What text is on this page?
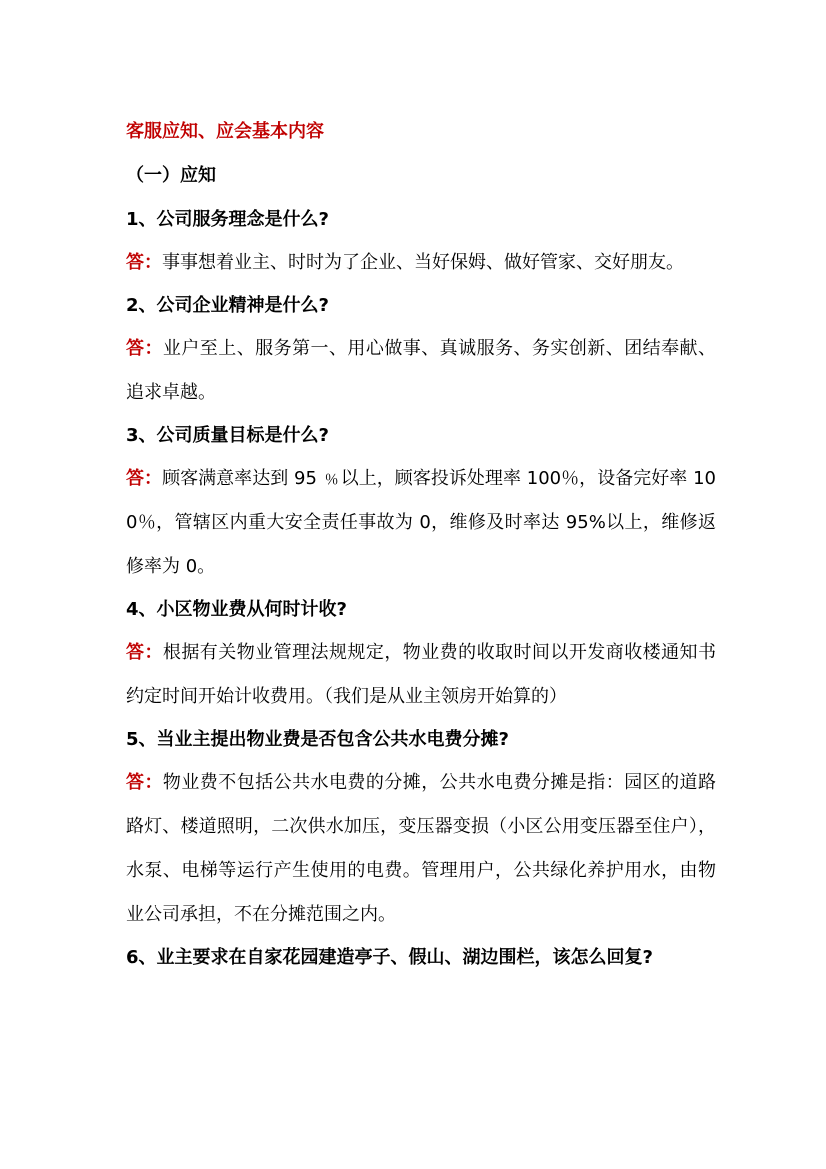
客服应知、应会基本内容
（一）应知
1、公司服务理念是什么?
答：事事想着业主、时时为了企业、当好保姆、做好管家、交好朋友。
2、公司企业精神是什么?
答：业户至上、服务第一、用心做事、真诚服务、务实创新、团结奉献、追求卓越。
3、公司质量目标是什么?
答：顾客满意率达到 95 ﹪以上，顾客投诉处理率 100％，设备完好率 100％，管辖区内重大安全责任事故为 0，维修及时率达 95%以上，维修返修率为 0。
4、小区物业费从何时计收?
答：根据有关物业管理法规规定，物业费的收取时间以开发商收楼通知书约定时间开始计收费用。（我们是从业主领房开始算的）
5、当业主提出物业费是否包含公共水电费分摊?
答：物业费不包括公共水电费的分摊，公共水电费分摊是指：园区的道路路灯、楼道照明，二次供水加压，变压器变损（小区公用变压器至住户），水泵、电梯等运行产生使用的电费。管理用户，公共绿化养护用水，由物业公司承担，不在分摊范围之内。
6、业主要求在自家花园建造亭子、假山、湖边围栏，该怎么回复?
